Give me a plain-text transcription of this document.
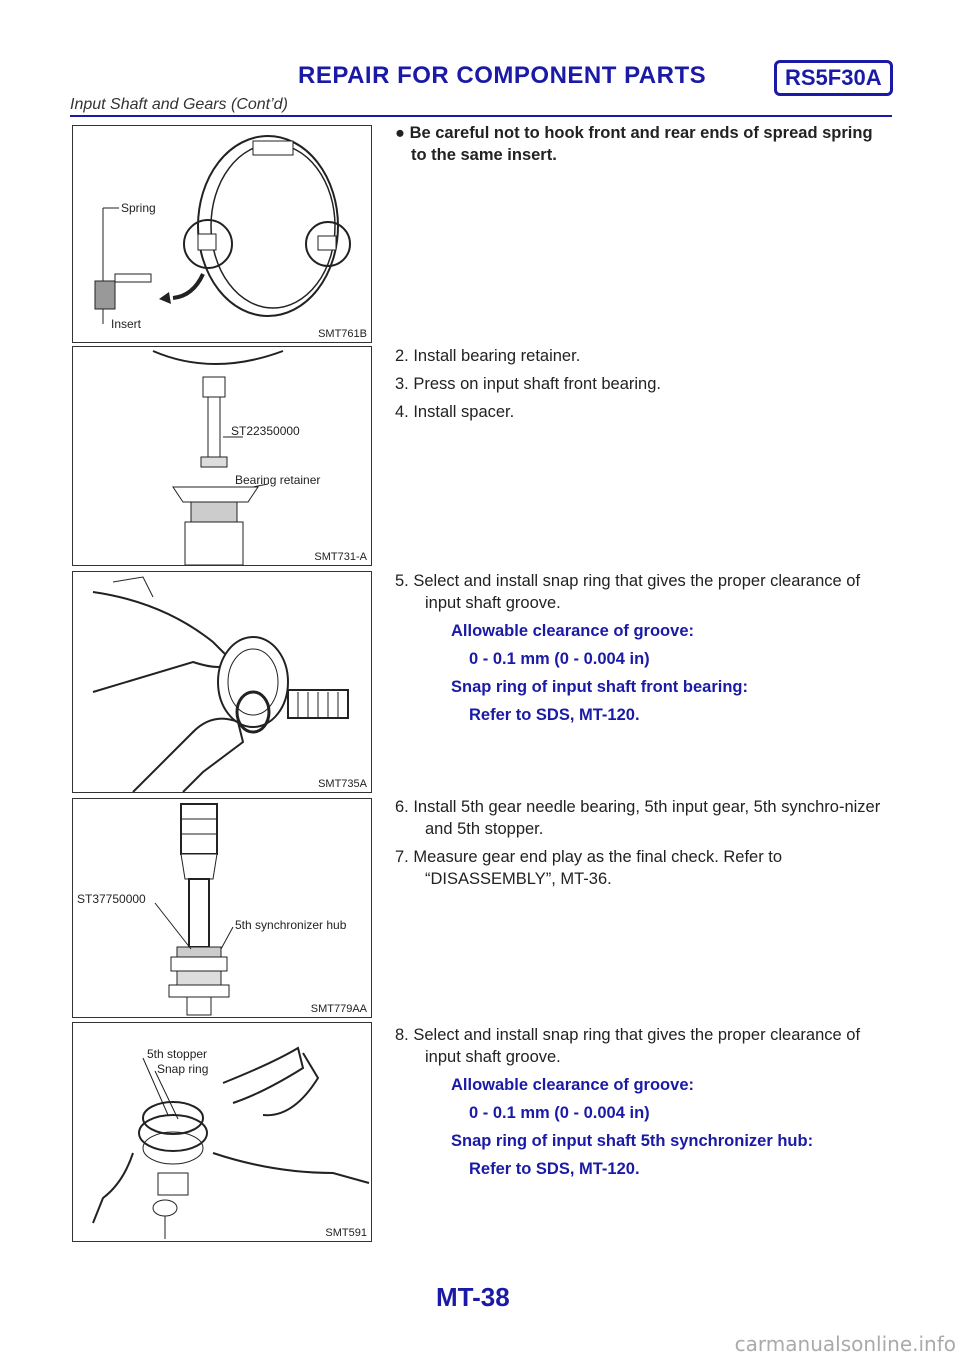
REPAIR FOR COMPONENT PARTS	RS5F30A
Input Shaft and Gears (Cont’d)
Spring
Insert
SMT761B
ST22350000
Bearing retainer
SMT731-A
SMT735A
ST37750000
5th synchronizer hub
SMT779AA
5th stopper
Snap ring
SMT591

● Be careful not to hook front and rear ends of spread spring to the same insert.

2. Install bearing retainer.

3. Press on input shaft front bearing.

4. Install spacer.

5. Select and install snap ring that gives the proper clearance of input shaft groove.

Allowable clearance of groove:

0 - 0.1 mm (0 - 0.004 in)

Snap ring of input shaft front bearing:

Refer to SDS, MT-120.

6. Install 5th gear needle bearing, 5th input gear, 5th synchro-nizer and 5th stopper.

7. Measure gear end play as the final check. Refer to “DISASSEMBLY”, MT-36.

8. Select and install snap ring that gives the proper clearance of input shaft groove.

Allowable clearance of groove:

0 - 0.1 mm (0 - 0.004 in)

Snap ring of input shaft 5th synchronizer hub:

Refer to SDS, MT-120.

MT-38
carmanualsonline.info
